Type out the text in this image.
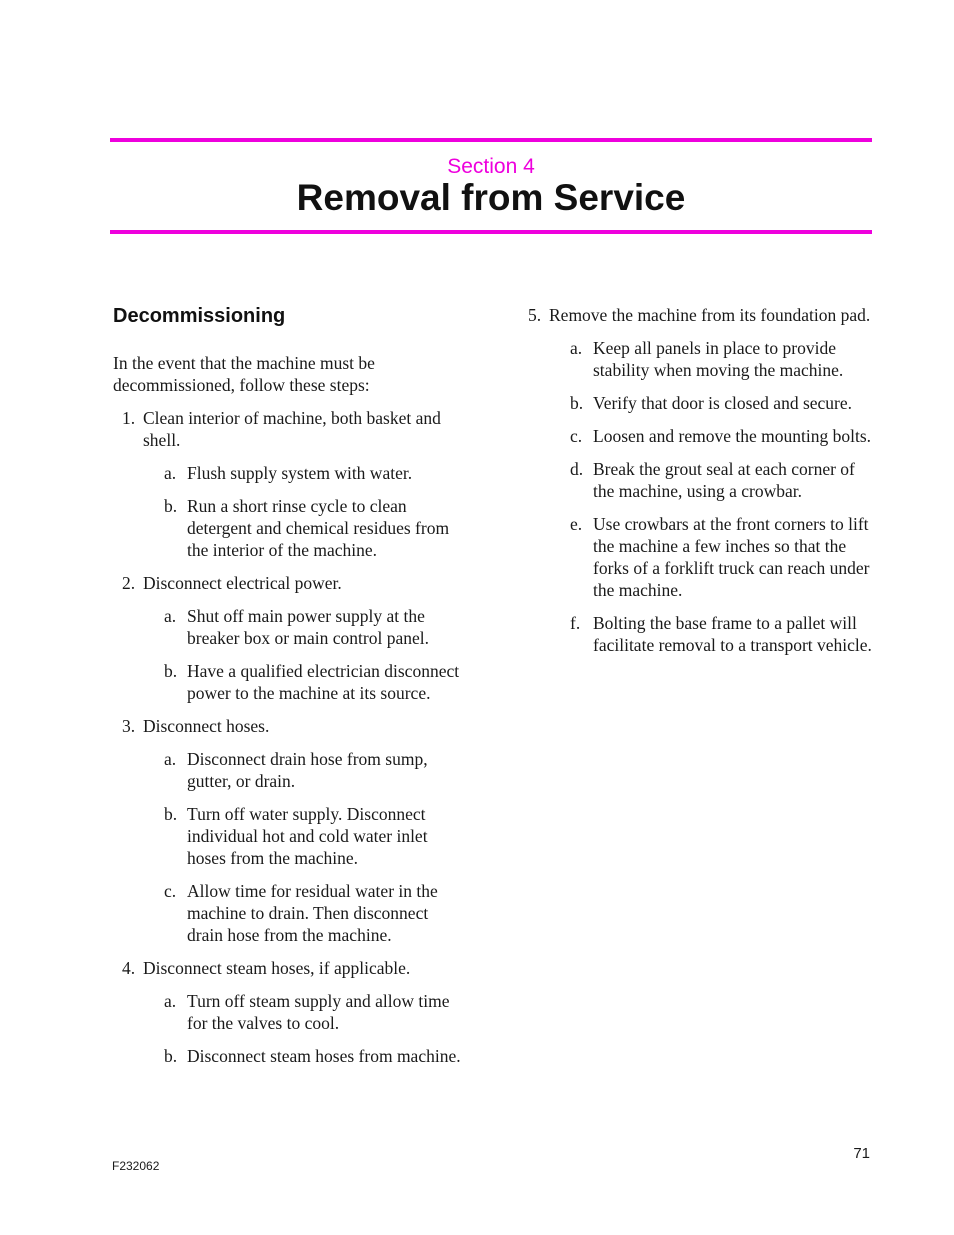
Section 4
Removal from Service
Decommissioning

In the event that the machine must be decommissioned, follow these steps:

1. Clean interior of machine, both basket and shell.
a. Flush supply system with water.
b. Run a short rinse cycle to clean detergent and chemical residues from the interior of the machine.
2. Disconnect electrical power.
a. Shut off main power supply at the breaker box or main control panel.
b. Have a qualified electrician disconnect power to the machine at its source.
3. Disconnect hoses.
a. Disconnect drain hose from sump, gutter, or drain.
b. Turn off water supply. Disconnect individual hot and cold water inlet hoses from the machine.
c. Allow time for residual water in the machine to drain. Then disconnect drain hose from the machine.
4. Disconnect steam hoses, if applicable.
a. Turn off steam supply and allow time for the valves to cool.
b. Disconnect steam hoses from machine.
5. Remove the machine from its foundation pad.
a. Keep all panels in place to provide stability when moving the machine.
b. Verify that door is closed and secure.
c. Loosen and remove the mounting bolts.
d. Break the grout seal at each corner of the machine, using a crowbar.
e. Use crowbars at the front corners to lift the machine a few inches so that the forks of a forklift truck can reach under the machine.
f. Bolting the base frame to a pallet will facilitate removal to a transport vehicle.
71
F232062
